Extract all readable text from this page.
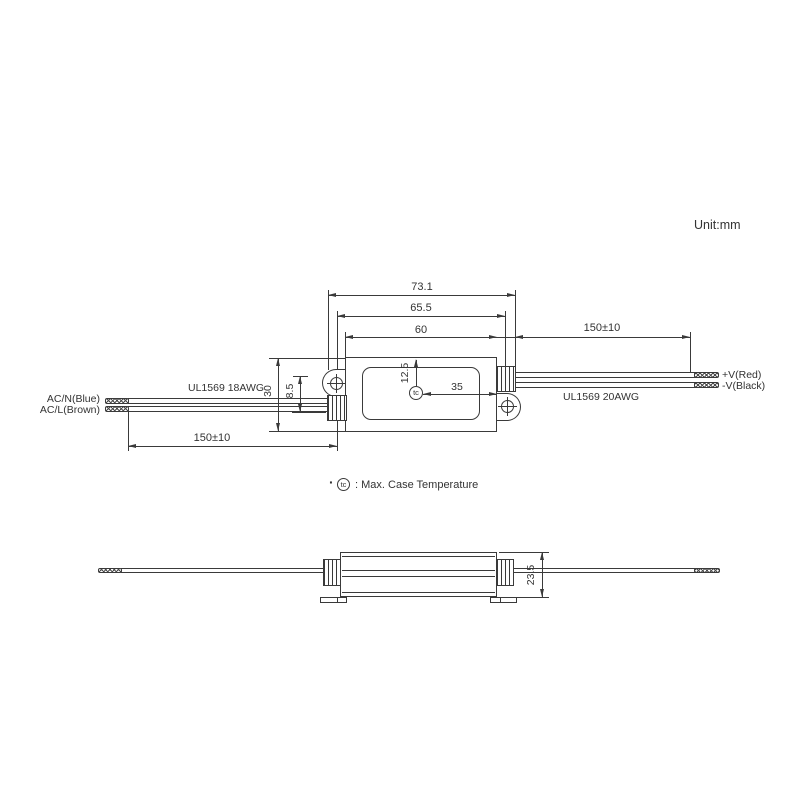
Unit:mm
73.1
65.5
60	150±10
tc
12.5
35
AC/N(Blue)
AC/L(Brown)
UL1569 18AWG
+V(Red)
-V(Black)
UL1569 20AWG
30 8.5
150±10
· tc : Max. Case Temperature
23.5
